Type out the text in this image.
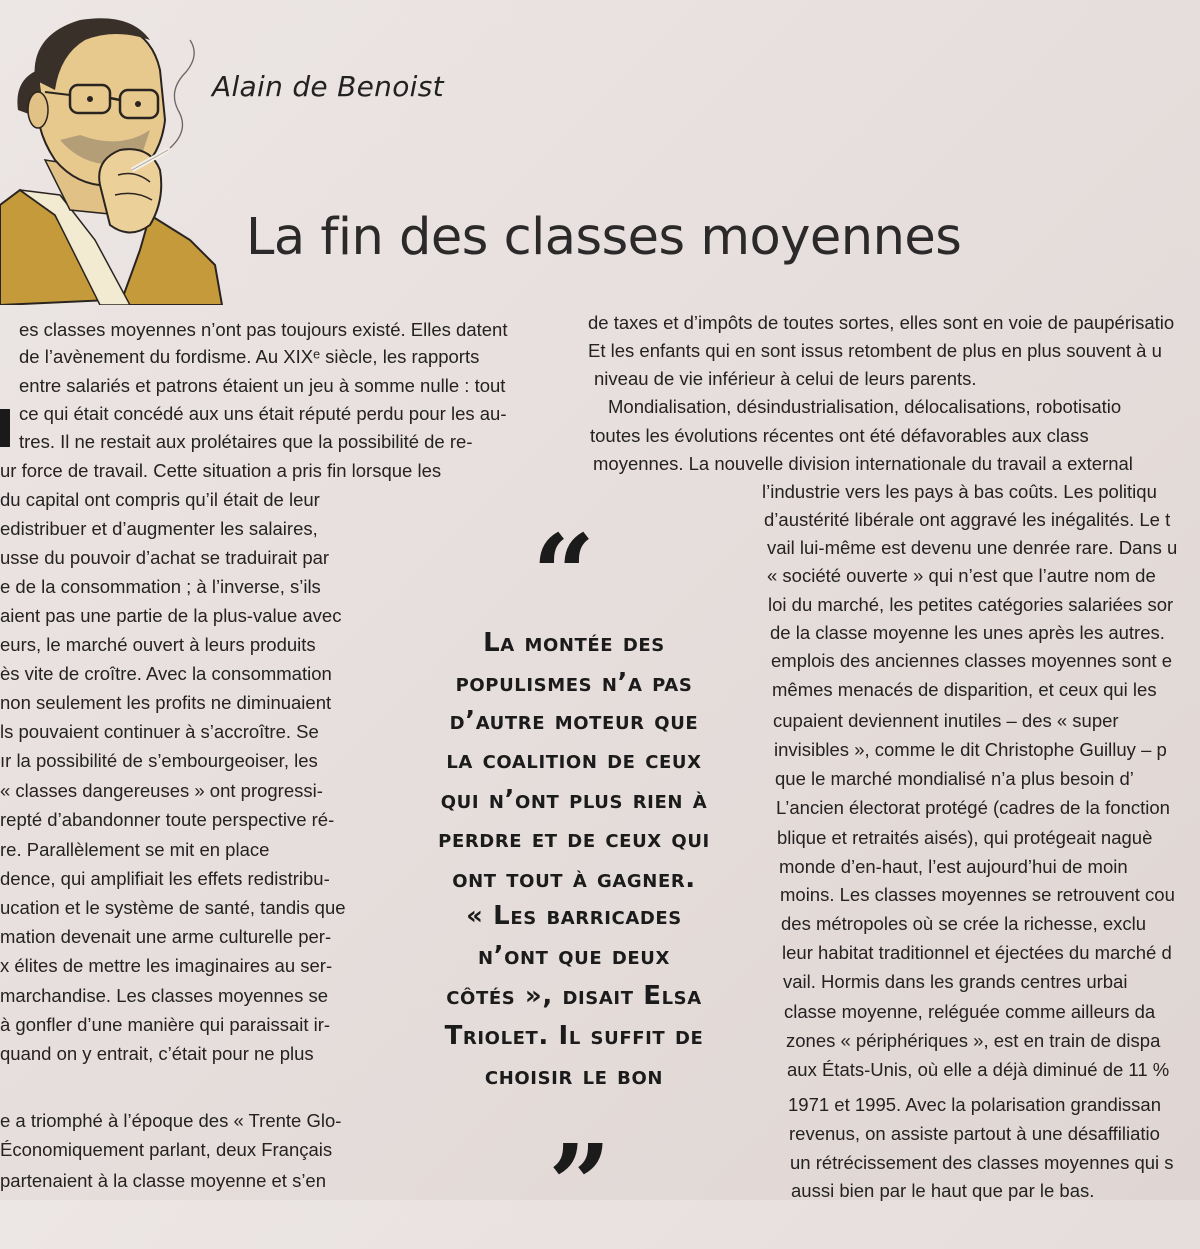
Alain de Benoist
La fin des classes moyennes
es classes moyennes n’ont pas toujours existé. Elles datent
de l’avènement du fordisme. Au XIXᵉ siècle, les rapports
entre salariés et patrons étaient un jeu à somme nulle : tout
ce qui était concédé aux uns était réputé perdu pour les au-
tres. Il ne restait aux prolétaires que la possibilité de re-
ur force de travail. Cette situation a pris fin lorsque les
du capital ont compris qu’il était de leur
edistribuer et d’augmenter les salaires,
usse du pouvoir d’achat se traduirait par
e de la consommation ; à l’inverse, s’ils
aient pas une partie de la plus-value avec
eurs, le marché ouvert à leurs produits
ès vite de croître. Avec la consommation
non seulement les profits ne diminuaient
ls pouvaient continuer à s’accroître. Se
ır la possibilité de s’embourgeoiser, les
« classes dangereuses » ont progressi-
repté d’abandonner toute perspective ré-
re. Parallèlement se mit en place
dence, qui amplifiait les effets redistribu-
ucation et le système de santé, tandis que
mation devenait une arme culturelle per-
x élites de mettre les imaginaires au ser-
marchandise. Les classes moyennes se
à gonfler d’une manière qui paraissait ir-
quand on y entrait, c’était pour ne plus
e a triomphé à l’époque des « Trente Glo-
Économiquement parlant, deux Français
partenaient à la classe moyenne et s’en
de taxes et d’impôts de toutes sortes, elles sont en voie de paupérisatio
Et les enfants qui en sont issus retombent de plus en plus souvent à u
niveau de vie inférieur à celui de leurs parents.
Mondialisation, désindustrialisation, délocalisations, robotisatio
toutes les évolutions récentes ont été défavorables aux class
moyennes. La nouvelle division internationale du travail a external
l’industrie vers les pays à bas coûts. Les politiqu
d’austérité libérale ont aggravé les inégalités. Le t
vail lui-même est devenu une denrée rare. Dans u
« société ouverte » qui n’est que l’autre nom de
loi du marché, les petites catégories salariées sor
de la classe moyenne les unes après les autres.
emplois des anciennes classes moyennes sont e
mêmes menacés de disparition, et ceux qui les
cupaient deviennent inutiles – des « super
invisibles », comme le dit Christophe Guilluy – p
que le marché mondialisé n’a plus besoin d’
L’ancien électorat protégé (cadres de la fonction
blique et retraités aisés), qui protégeait naguè
monde d’en-haut, l’est aujourd’hui de moin
moins. Les classes moyennes se retrouvent cou
des métropoles où se crée la richesse, exclu
leur habitat traditionnel et éjectées du marché d
vail. Hormis dans les grands centres urbai
classe moyenne, reléguée comme ailleurs da
zones « périphériques », est en train de dispa
aux États-Unis, où elle a déjà diminué de 11 %
1971 et 1995. Avec la polarisation grandissan
revenus, on assiste partout à une désaffiliatio
un rétrécissement des classes moyennes qui s
aussi bien par le haut que par le bas.
“
La montée des
populismes n’a pas
d’autre moteur que
la coalition de ceux
qui n’ont plus rien à
perdre et de ceux qui
ont tout à gagner.
« Les barricades
n’ont que deux
côtés », disait Elsa
Triolet. Il suffit de
choisir le bon
”
